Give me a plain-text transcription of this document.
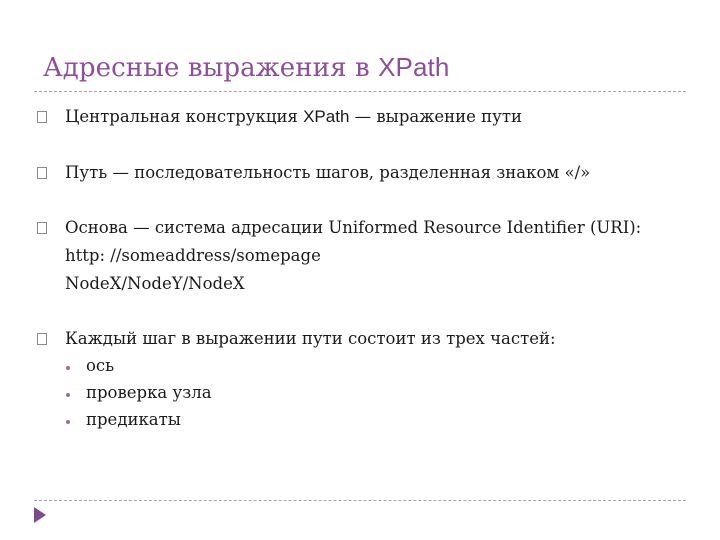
Адресные выражения в XPath
Центральная конструкция XPath — выражение пути
Путь — последовательность шагов, разделенная знаком «/»
Основа — система адресации Uniformed Resource Identifier (URI):
http: //someaddress/somepage
NodeX/NodeY/NodeX
Каждый шаг в выражении пути состоит из трех частей:
ось
проверка узла
предикаты
